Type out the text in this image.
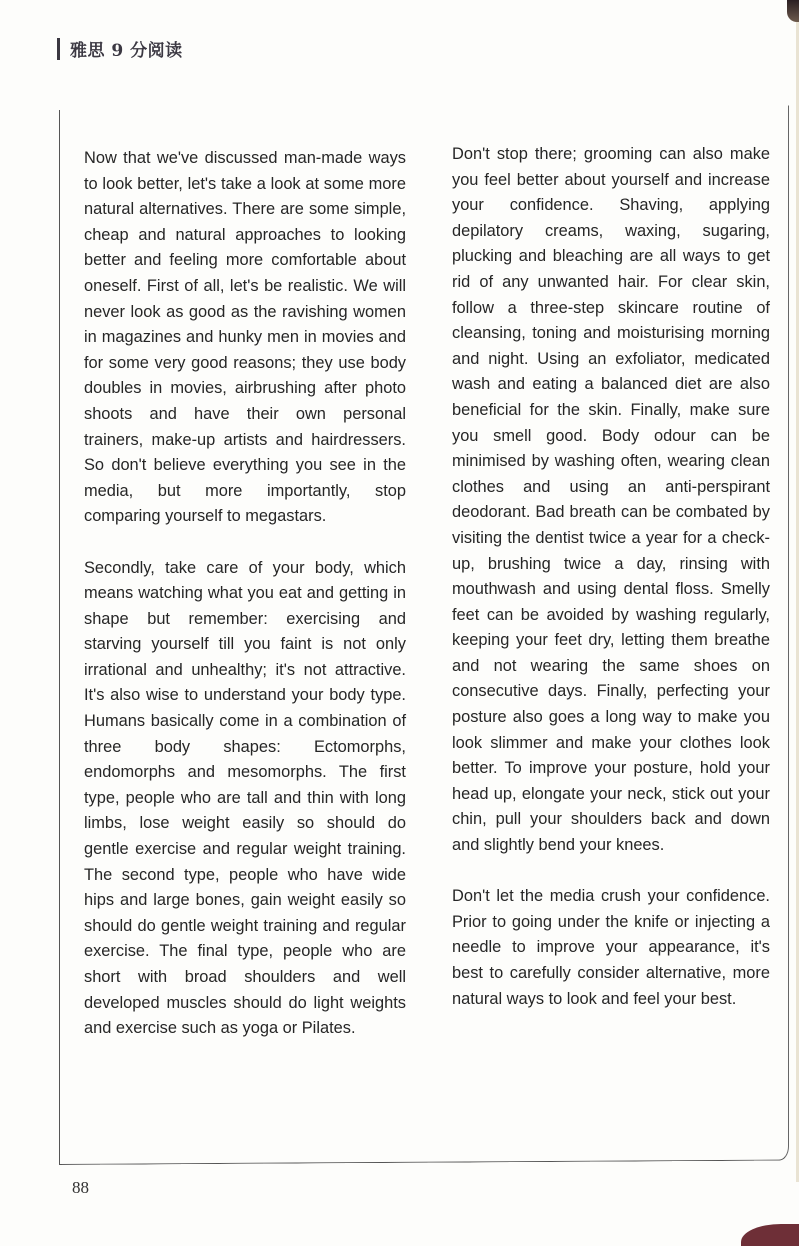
雅思 9 分阅读

Now that we've discussed man-made ways to look better, let's take a look at some more natural alternatives. There are some simple, cheap and natural approaches to looking better and feeling more comfortable about oneself. First of all, let's be realistic. We will never look as good as the ravishing women in magazines and hunky men in movies and for some very good reasons; they use body doubles in movies, airbrushing after photo shoots and have their own personal trainers, make-up artists and hairdressers. So don't believe everything you see in the media, but more importantly, stop comparing yourself to megastars.

Secondly, take care of your body, which means watching what you eat and getting in shape but remember: exercising and starving yourself till you faint is not only irrational and unhealthy; it's not attractive. It's also wise to understand your body type. Humans basically come in a combination of three body shapes: Ectomorphs, endomorphs and mesomorphs. The first type, people who are tall and thin with long limbs, lose weight easily so should do gentle exercise and regular weight training. The second type, people who have wide hips and large bones, gain weight easily so should do gentle weight training and regular exercise. The final type, people who are short with broad shoulders and well developed muscles should do light weights and exercise such as yoga or Pilates.

Don't stop there; grooming can also make you feel better about yourself and increase your confidence. Shaving, applying depilatory creams, waxing, sugaring, plucking and bleaching are all ways to get rid of any unwanted hair. For clear skin, follow a three-step skincare routine of cleansing, toning and moisturising morning and night. Using an exfoliator, medicated wash and eating a balanced diet are also beneficial for the skin. Finally, make sure you smell good. Body odour can be minimised by washing often, wearing clean clothes and using an anti-perspirant deodorant. Bad breath can be combated by visiting the dentist twice a year for a check-up, brushing twice a day, rinsing with mouthwash and using dental floss. Smelly feet can be avoided by washing regularly, keeping your feet dry, letting them breathe and not wearing the same shoes on consecutive days. Finally, perfecting your posture also goes a long way to make you look slimmer and make your clothes look better. To improve your posture, hold your head up, elongate your neck, stick out your chin, pull your shoulders back and down and slightly bend your knees.

Don't let the media crush your confidence. Prior to going under the knife or injecting a needle to improve your appearance, it's best to carefully consider alternative, more natural ways to look and feel your best.

88
